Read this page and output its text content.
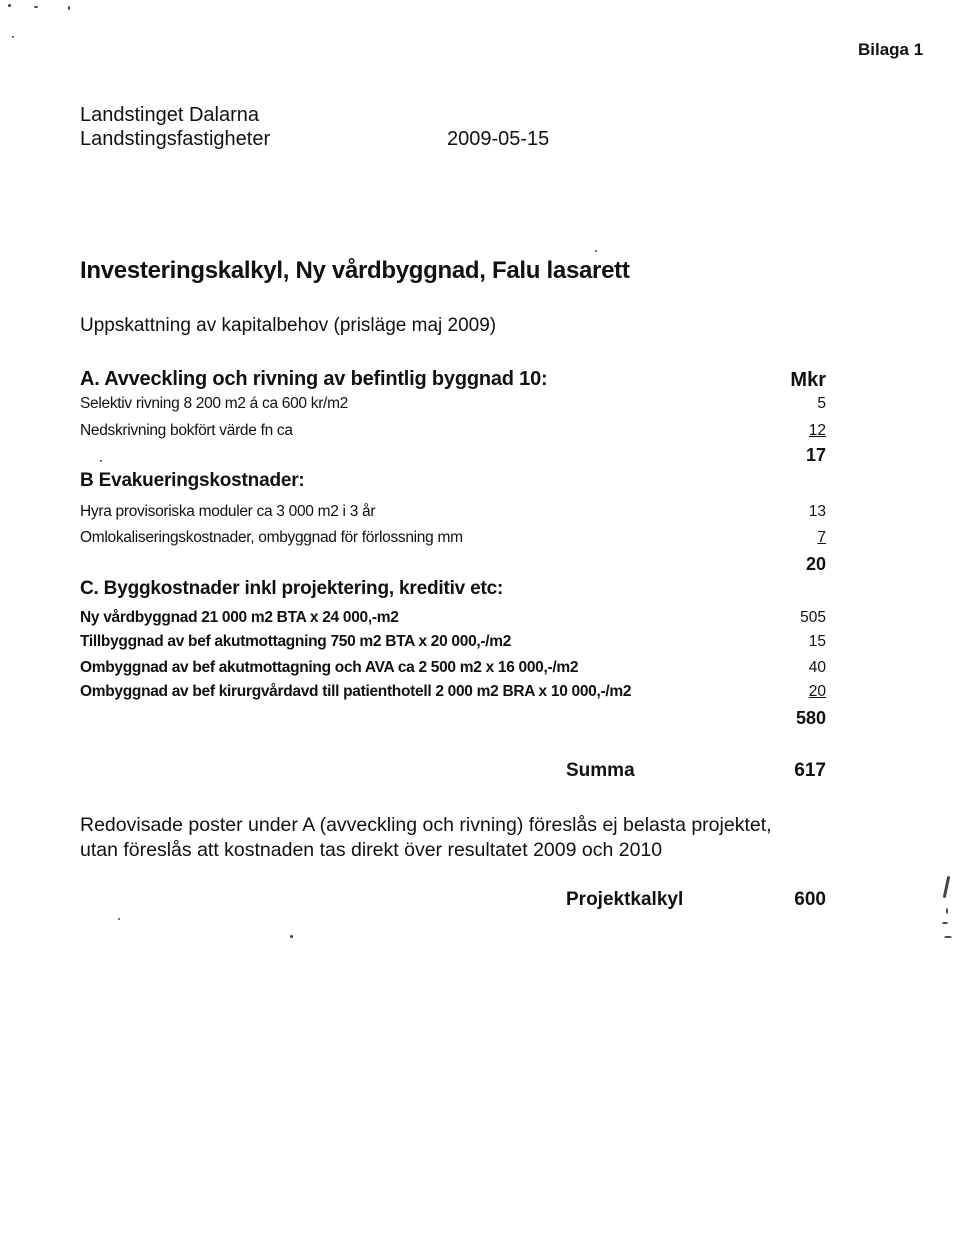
Bilaga 1
Landstinget Dalarna
Landstingsfastigheter	2009-05-15
Investeringskalkyl, Ny vårdbyggnad, Falu lasarett
Uppskattning av kapitalbehov (prisläge maj 2009)
A. Avveckling och rivning av befintlig byggnad 10:	Mkr
Selektiv rivning 8 200 m2 á ca 600 kr/m2	5
Nedskrivning bokfört värde fn ca	12
17
B Evakueringskostnader:
Hyra provisoriska moduler ca 3 000 m2 i 3 år	13
Omlokaliseringskostnader, ombyggnad för förlossning mm	7
20
C. Byggkostnader inkl projektering, kreditiv etc:
Ny vårdbyggnad 21 000 m2 BTA x 24 000,-m2	505
Tillbyggnad av bef akutmottagning 750 m2 BTA x 20 000,-/m2	15
Ombyggnad av bef akutmottagning och AVA ca 2 500 m2 x 16 000,-/m2	40
Ombyggnad av bef kirurgvårdavd till patienthotell 2 000 m2 BRA x 10 000,-/m2	20
580
Summa	617
Redovisade poster under A (avveckling och rivning) föreslås ej belasta projektet,
utan föreslås att kostnaden tas direkt över resultatet 2009 och 2010
Projektkalkyl	600
